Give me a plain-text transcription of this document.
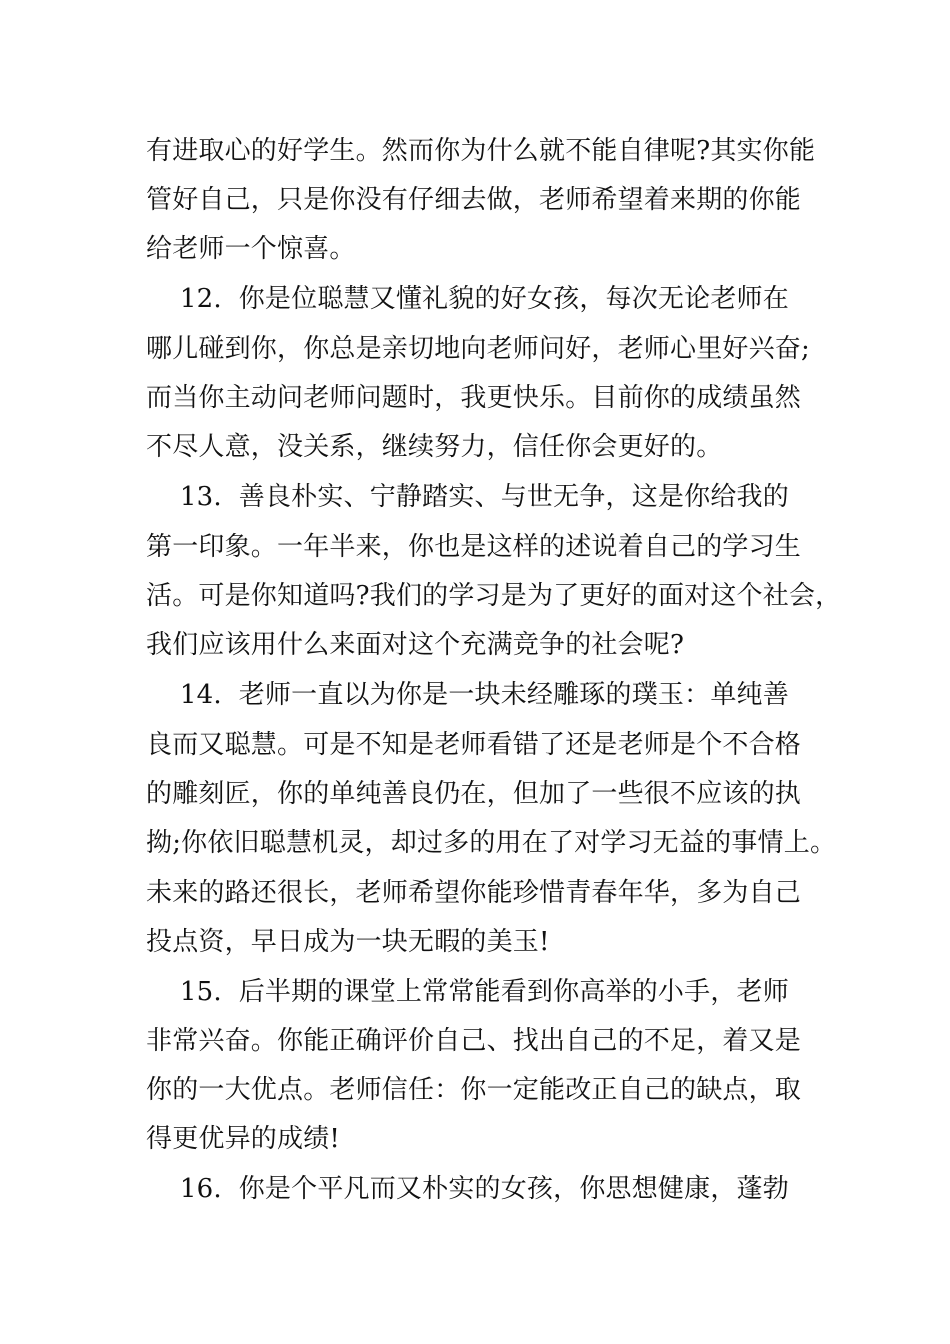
有进取心的好学生。然而你为什么就不能自律呢?其实你能
管好自己，只是你没有仔细去做，老师希望着来期的你能
给老师一个惊喜。
12.  你是位聪慧又懂礼貌的好女孩，每次无论老师在
哪儿碰到你，你总是亲切地向老师问好，老师心里好兴奋;
而当你主动问老师问题时，我更快乐。目前你的成绩虽然
不尽人意，没关系，继续努力，信任你会更好的。
13.  善良朴实、宁静踏实、与世无争，这是你给我的
第一印象。一年半来，你也是这样的述说着自己的学习生
活。可是你知道吗?我们的学习是为了更好的面对这个社会，
我们应该用什么来面对这个充满竞争的社会呢?
14.  老师一直以为你是一块未经雕琢的璞玉：单纯善
良而又聪慧。可是不知是老师看错了还是老师是个不合格
的雕刻匠，你的单纯善良仍在，但加了一些很不应该的执
拗;你依旧聪慧机灵，却过多的用在了对学习无益的事情上。
未来的路还很长，老师希望你能珍惜青春年华，多为自己
投点资，早日成为一块无暇的美玉!
15.  后半期的课堂上常常能看到你高举的小手，老师
非常兴奋。你能正确评价自己、找出自己的不足，着又是
你的一大优点。老师信任：你一定能改正自己的缺点，取
得更优异的成绩!
16.  你是个平凡而又朴实的女孩，你思想健康，蓬勃
